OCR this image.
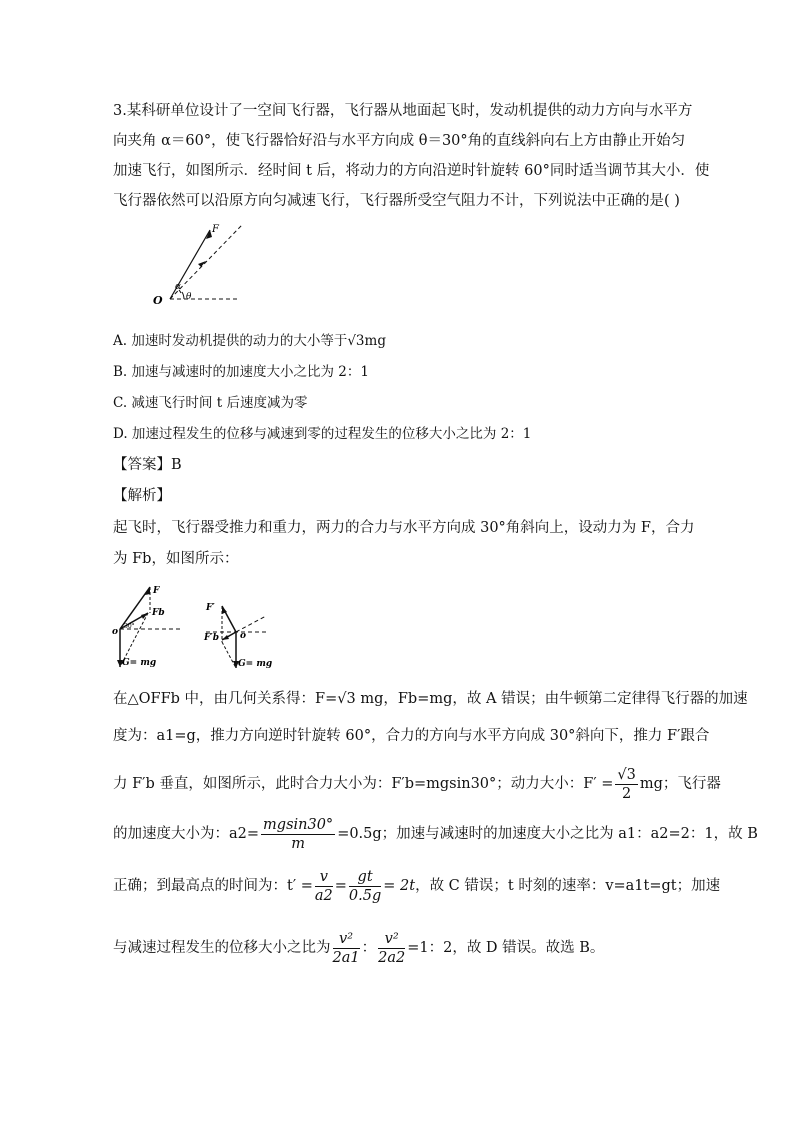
3.某科研单位设计了一空间飞行器，飞行器从地面起飞时，发动机提供的动力方向与水平方
向夹角 α＝60°，使飞行器恰好沿与水平方向成 θ＝30°角的直线斜向右上方由静止开始匀
加速飞行，如图所示．经时间 t 后，将动力的方向沿逆时针旋转 60°同时适当调节其大小．使
飞行器依然可以沿原方向匀减速飞行，飞行器所受空气阻力不计，下列说法中正确的是( )
F
O
α
θ
A. 加速时发动机提供的动力的大小等于√3mg
B. 加速与减速时的加速度大小之比为 2：1
C. 减速飞行时间 t 后速度减为零
D. 加速过程发生的位移与减速到零的过程发生的位移大小之比为 2：1
【答案】B
【解析】
起飞时，飞行器受推力和重力，两力的合力与水平方向成 30°角斜向上，设动力为 F，合力
为 Fb，如图所示：
F
Fb
o
30°
G= mg
F′
F′b o
G= mg
在△OFFb 中，由几何关系得：F=√3 mg，Fb=mg，故 A 错误；由牛顿第二定律得飞行器的加速
度为：a1=g，推力方向逆时针旋转 60°，合力的方向与水平方向成 30°斜向下，推力 F′跟合
力 F′b 垂直，如图所示，此时合力大小为：F′b=mgsin30°；动力大小：$F' = \frac{√3}{2}$ mg；飞行器
的加速度大小为：$a2= \frac{mgsin30^\circ}{m} =0.5g$；加速与减速时的加速度大小之比为 a1：a2=2：1，故 B
正确；到最高点的时间为：$t' = \frac{v}{a2} = \frac{gt}{0.5g} = 2t$ ，故 C 错误；t 时刻的速率：v=a1t=gt；加速
与减速过程发生的位移大小之比为 $\frac{\text{v²}}{2a1}$ ： $\frac{\text{v²}}{2a2} =1$：2，故 D 错误。故选 B。
